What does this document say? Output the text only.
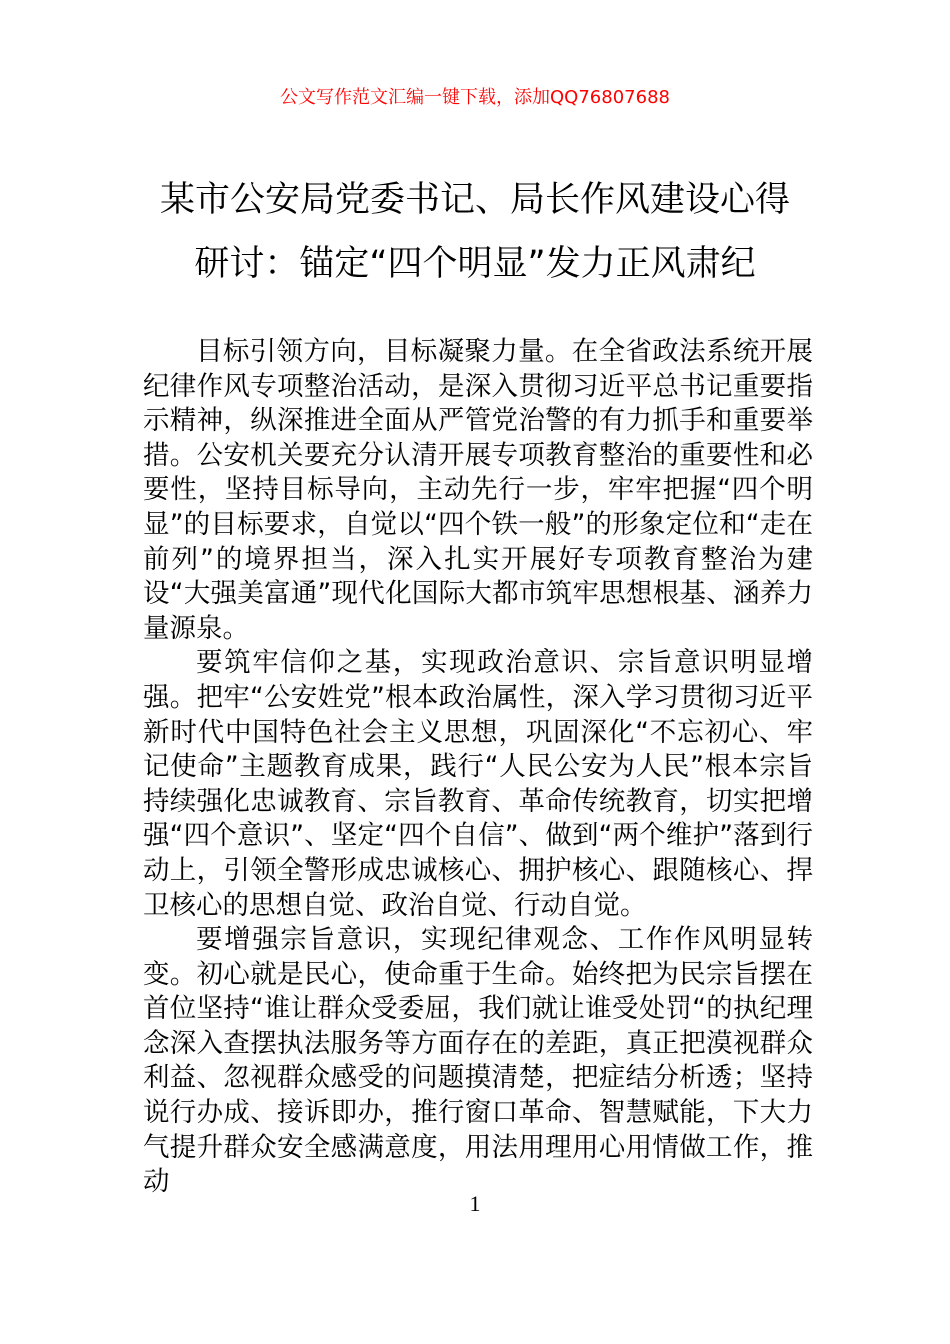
公文写作范文汇编一键下载，添加QQ76807688
某市公安局党委书记、局长作风建设心得
研讨：锚定“四个明显”发力正风肃纪

目标引领方向，目标凝聚力量。在全省政法系统开展纪律作风专项整治活动，是深入贯彻习近平总书记重要指示精神，纵深推进全面从严管党治警的有力抓手和重要举措。公安机关要充分认清开展专项教育整治的重要性和必要性，坚持目标导向，主动先行一步，牢牢把握“四个明显”的目标要求，自觉以“四个铁一般”的形象定位和“走在前列”的境界担当，深入扎实开展好专项教育整治为建设“大强美富通”现代化国际大都市筑牢思想根基、涵养力量源泉。

要筑牢信仰之基，实现政治意识、宗旨意识明显增强。把牢“公安姓党”根本政治属性，深入学习贯彻习近平新时代中国特色社会主义思想，巩固深化“不忘初心、牢记使命”主题教育成果，践行“人民公安为人民”根本宗旨持续强化忠诚教育、宗旨教育、革命传统教育，切实把增强“四个意识”、坚定“四个自信”、做到“两个维护”落到行动上，引领全警形成忠诚核心、拥护核心、跟随核心、捍卫核心的思想自觉、政治自觉、行动自觉。

要增强宗旨意识，实现纪律观念、工作作风明显转变。初心就是民心，使命重于生命。始终把为民宗旨摆在首位坚持“谁让群众受委屈，我们就让谁受处罚“的执纪理念深入查摆执法服务等方面存在的差距，真正把漠视群众利益、忽视群众感受的问题摸清楚，把症结分析透；坚持说行办成、接诉即办，推行窗口革命、智慧赋能，下大力气提升群众安全感满意度，用法用理用心用情做工作，推动

1
